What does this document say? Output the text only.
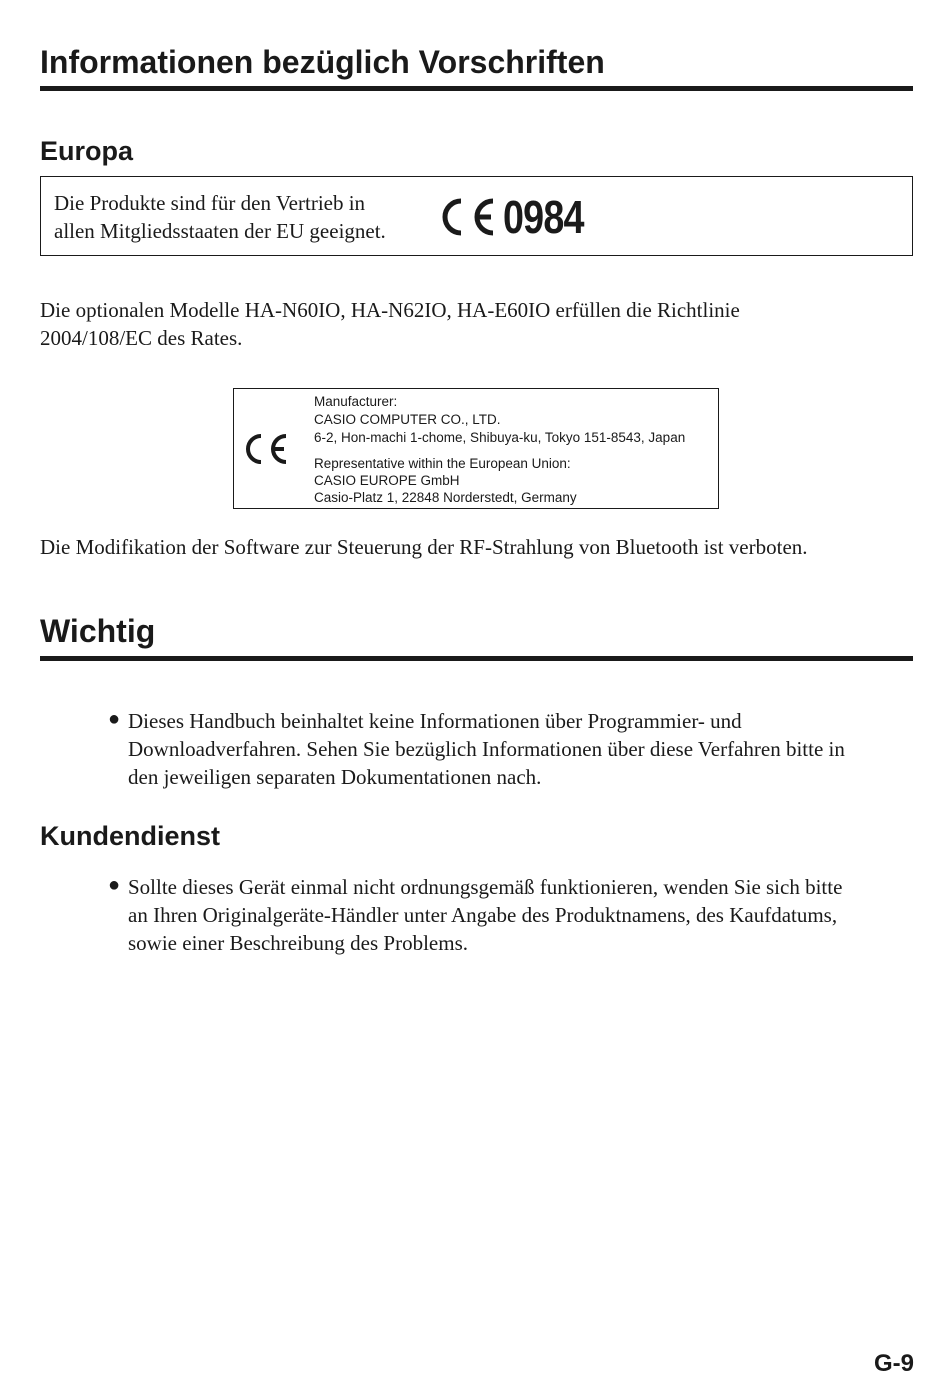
Informationen bezüglich Vorschriften
Europa
Die Produkte sind für den Vertrieb in
allen Mitgliedsstaaten der EU geeignet.	0984
Die optionalen Modelle HA-N60IO, HA-N62IO, HA-E60IO erfüllen die Richtlinie
2004/108/EC des Rates.
Manufacturer:
CASIO COMPUTER CO., LTD.
6-2, Hon-machi 1-chome, Shibuya-ku, Tokyo 151-8543, Japan
Representative within the European Union:
CASIO EUROPE GmbH
Casio-Platz 1, 22848 Norderstedt, Germany
Die Modifikation der Software zur Steuerung der RF-Strahlung von Bluetooth ist verboten.
Wichtig
● Dieses Handbuch beinhaltet keine Informationen über Programmier- und
Downloadverfahren. Sehen Sie bezüglich Informationen über diese Verfahren bitte in
den jeweiligen separaten Dokumentationen nach.
Kundendienst
● Sollte dieses Gerät einmal nicht ordnungsgemäß funktionieren, wenden Sie sich bitte
an Ihren Originalgeräte-Händler unter Angabe des Produktnamens, des Kaufdatums,
sowie einer Beschreibung des Problems.
G-9
